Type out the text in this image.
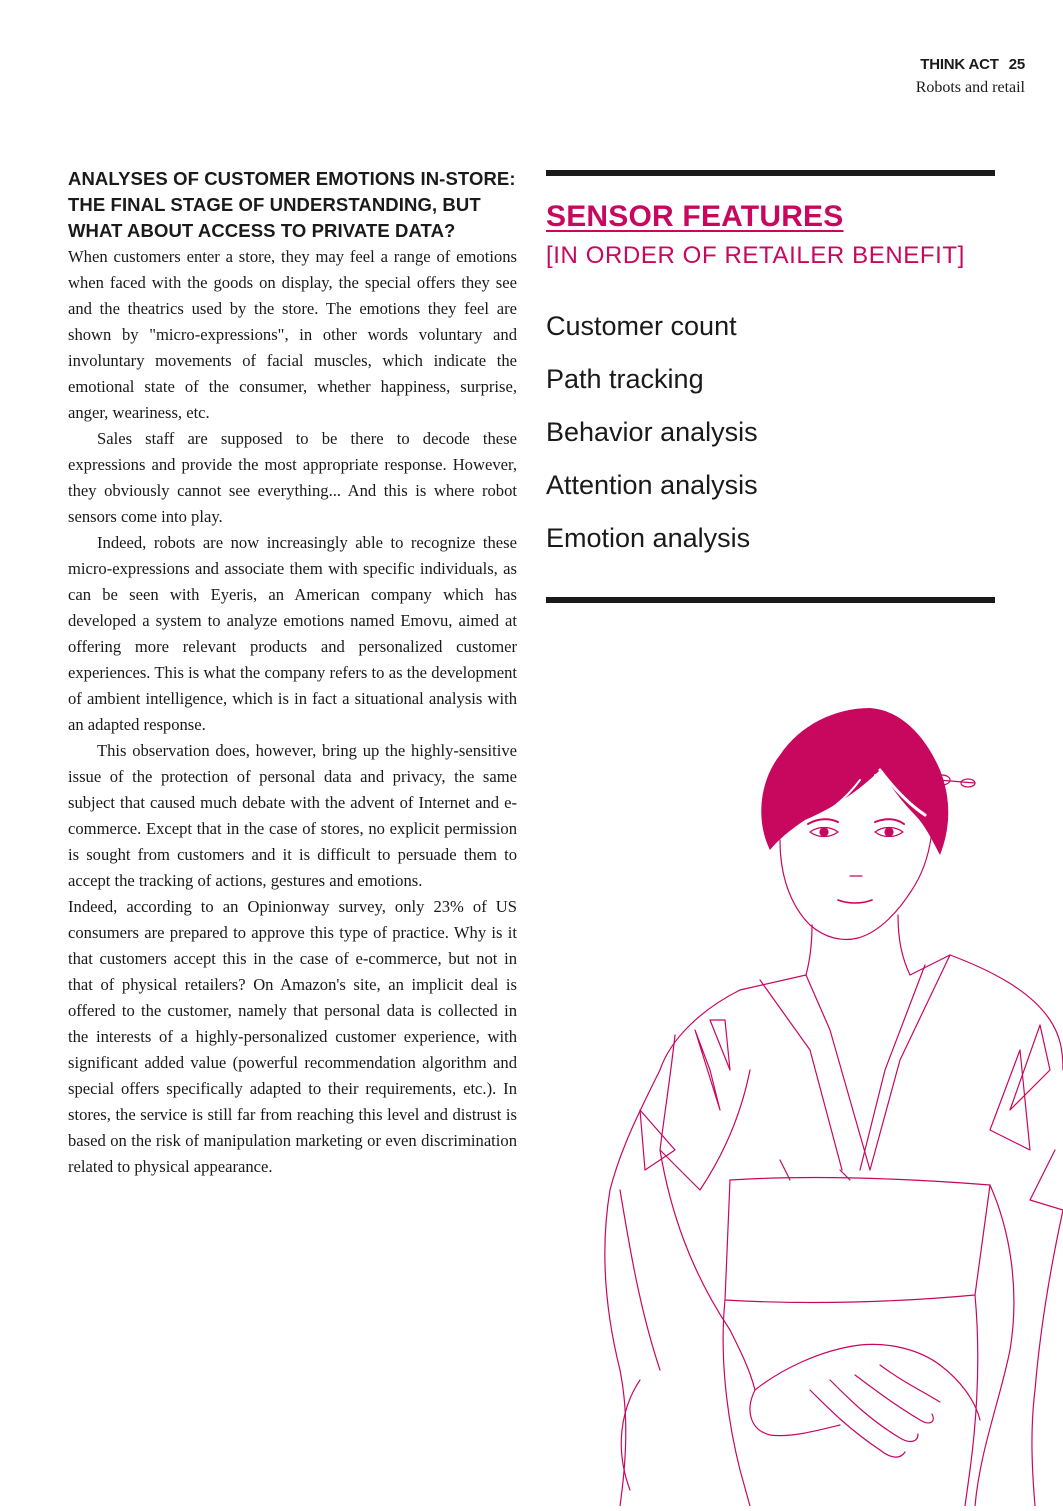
THINK ACT 25
Robots and retail
ANALYSES OF CUSTOMER EMOTIONS IN-STORE: THE FINAL STAGE OF UNDERSTANDING, BUT WHAT ABOUT ACCESS TO PRIVATE DATA?

When customers enter a store, they may feel a range of emotions when faced with the goods on display, the special offers they see and the theatrics used by the store. The emotions they feel are shown by "micro-expressions", in other words voluntary and involuntary movements of facial muscles, which indicate the emotional state of the consumer, whether happiness, surprise, anger, weariness, etc.

Sales staff are supposed to be there to decode these expressions and provide the most appropriate response. However, they obviously cannot see everything... And this is where robot sensors come into play.

Indeed, robots are now increasingly able to recognize these micro-expressions and associate them with specific individuals, as can be seen with Eyeris, an American company which has developed a system to analyze emotions named Emovu, aimed at offering more relevant products and personalized customer experiences. This is what the company refers to as the development of ambient intelligence, which is in fact a situational analysis with an adapted response.

This observation does, however, bring up the highly-sensitive issue of the protection of personal data and privacy, the same subject that caused much debate with the advent of Internet and e-commerce. Except that in the case of stores, no explicit permission is sought from customers and it is difficult to persuade them to accept the tracking of actions, gestures and emotions.

Indeed, according to an Opinionway survey, only 23% of US consumers are prepared to approve this type of practice. Why is it that customers accept this in the case of e-commerce, but not in that of physical retailers? On Amazon's site, an implicit deal is offered to the customer, namely that personal data is collected in the interests of a highly-personalized customer experience, with significant added value (powerful recommendation algorithm and special offers specifically adapted to their requirements, etc.). In stores, the service is still far from reaching this level and distrust is based on the risk of manipulation marketing or even discrimination related to physical appearance.

SENSOR FEATURES
[IN ORDER OF RETAILER BENEFIT]
Customer count
Path tracking
Behavior analysis
Attention analysis
Emotion analysis
